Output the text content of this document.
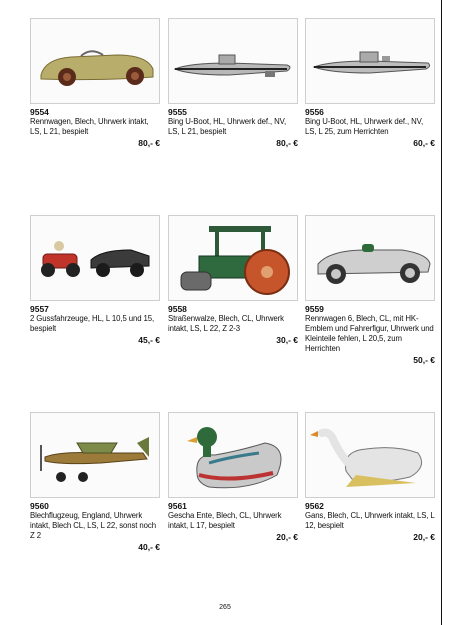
9554
Rennwagen, Blech, Uhrwerk intakt, LS, L 21, bespielt
80,- €
9555
Bing U-Boot, HL, Uhrwerk def., NV, LS, L 21, bespielt
80,- €
9556
Bing U-Boot, HL, Uhrwerk def., NV, LS, L 25, zum Herrichten
60,- €
9557
2 Gussfahrzeuge, HL, L 10,5 und 15, bespielt
45,- €
9558
Straßenwalze, Blech, CL, Uhrwerk intakt, LS, L 22, Z 2-3
30,- €
9559
Rennwagen 6, Blech, CL, mit HK-Emblem und Fahrerfigur, Uhrwerk und Kleinteile fehlen, L 20,5, zum Herrichten
50,- €
9560
Blechflugzeug, England, Uhrwerk intakt, Blech CL, LS, L 22, sonst noch Z 2
40,- €
9561
Gescha Ente, Blech, CL, Uhrwerk intakt, L 17, bespielt
20,- €
9562
Gans, Blech, CL, Uhrwerk intakt, LS, L 12, bespielt
20,- €
265
